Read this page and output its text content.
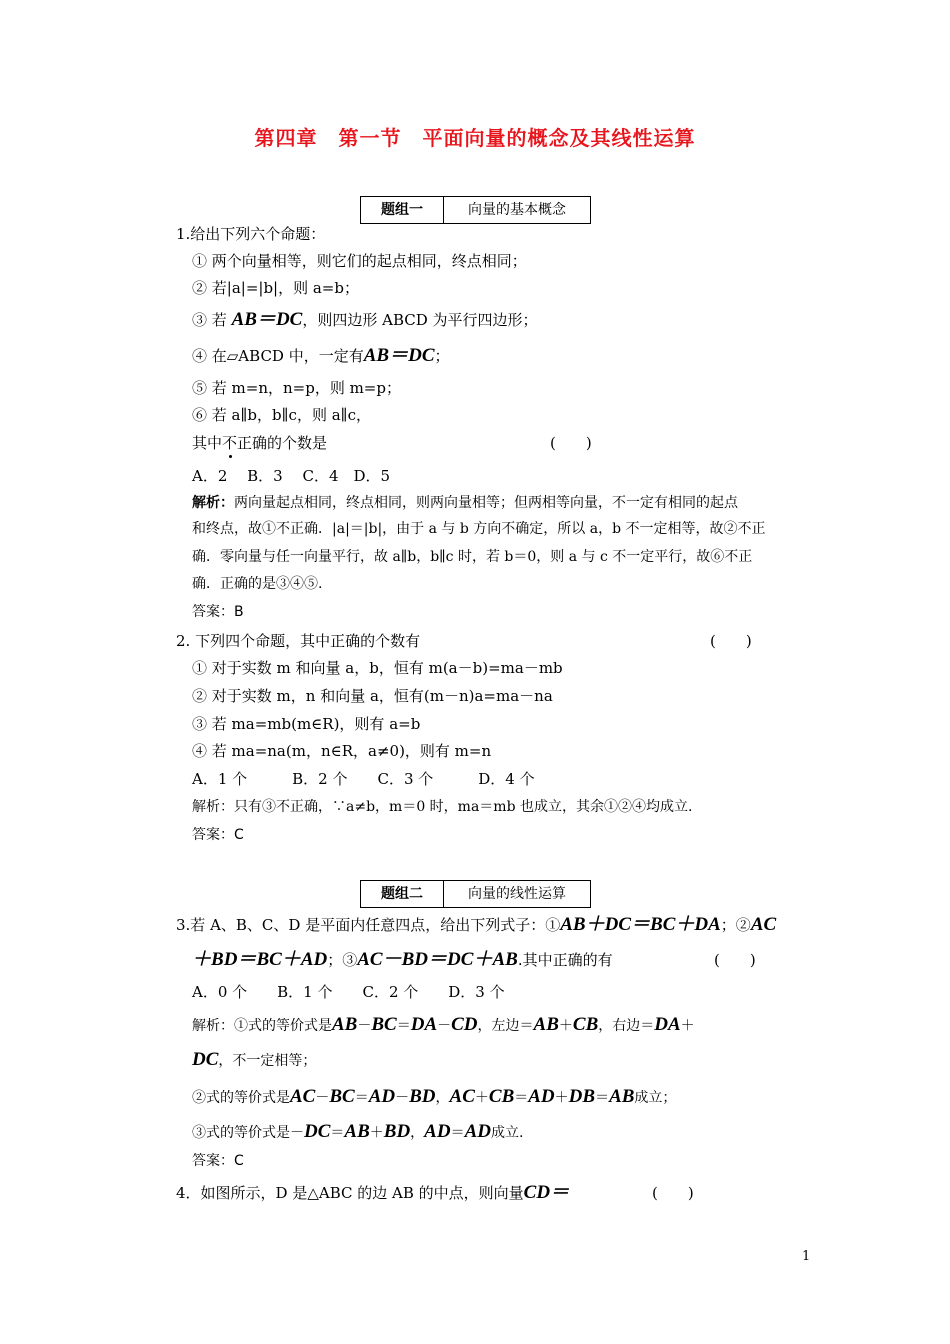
第四章　第一节　平面向量的概念及其线性运算
题组一	向量的基本概念
1.给出下列六个命题：
① 两个向量相等，则它们的起点相同，终点相同；
② 若|a|=|b|，则 a=b；
③ 若 AB＝DC，则四边形 ABCD 为平行四边形；
④ 在▱ABCD 中，一定有AB＝DC；
⑤ 若 m=n，n=p，则 m=p；
⑥ 若 a∥b，b∥c，则 a∥c，
其中不正确的个数是	(　　)
A．2　 B．3　 C．4　D．5
解析：两向量起点相同，终点相同，则两向量相等；但两相等向量，不一定有相同的起点
和终点，故①不正确．|a|＝|b|，由于 a 与 b 方向不确定，所以 a，b 不一定相等，故②不正
确．零向量与任一向量平行，故 a∥b，b∥c 时，若 b＝0，则 a 与 c 不一定平行，故⑥不正
确．正确的是③④⑤.
答案：B
2. 下列四个命题，其中正确的个数有	(　　)
① 对于实数 m 和向量 a，b，恒有 m(a－b)=ma－mb
② 对于实数 m，n 和向量 a，恒有(m－n)a=ma－na
③ 若 ma=mb(m∈R)，则有 a=b
④ 若 ma=na(m，n∈R，a≠0)，则有 m=n
A．1 个　　　B．2 个　　C．3 个　　　D．4 个
解析：只有③不正确，∵a≠b，m＝0 时，ma＝mb 也成立，其余①②④均成立.
答案：C
题组二	向量的线性运算
3.若 A、B、C、D 是平面内任意四点，给出下列式子：①AB＋DC＝BC＋DA；②AC
＋BD＝BC＋AD；③AC－BD＝DC＋AB.其中正确的有	(　　)
A．0 个　　B．1 个　　C．2 个　　D．3 个
解析：①式的等价式是AB－BC＝DA－CD，左边＝AB＋CB，右边＝DA＋
DC，不一定相等；
②式的等价式是AC－BC＝AD－BD，AC＋CB＝AD＋DB＝AB成立；
③式的等价式是－DC＝AB＋BD，AD＝AD成立.
答案：C
4．如图所示，D 是△ABC 的边 AB 的中点，则向量CD＝	(　　)
1
